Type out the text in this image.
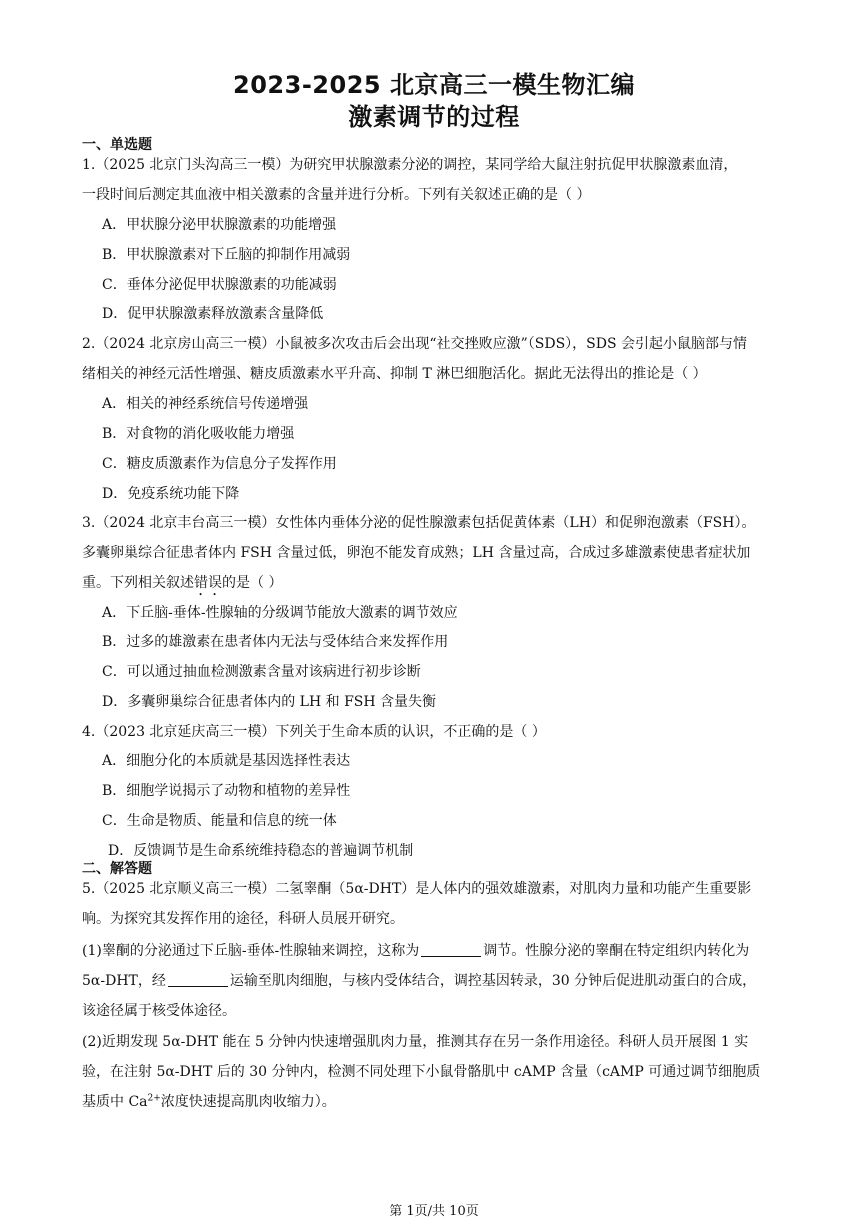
2023-2025 北京高三一模生物汇编
激素调节的过程
一、单选题
1.（2025 北京门头沟高三一模）为研究甲状腺激素分泌的调控，某同学给大鼠注射抗促甲状腺激素血清，
一段时间后测定其血液中相关激素的含量并进行分析。下列有关叙述正确的是（ ）
A．甲状腺分泌甲状腺激素的功能增强
B．甲状腺激素对下丘脑的抑制作用减弱
C．垂体分泌促甲状腺激素的功能减弱
D．促甲状腺激素释放激素含量降低
2.（2024 北京房山高三一模）小鼠被多次攻击后会出现“社交挫败应激”（SDS），SDS 会引起小鼠脑部与情
绪相关的神经元活性增强、糖皮质激素水平升高、抑制 T 淋巴细胞活化。据此无法得出的推论是（ ）
A．相关的神经系统信号传递增强
B．对食物的消化吸收能力增强
C．糖皮质激素作为信息分子发挥作用
D．免疫系统功能下降
3.（2024 北京丰台高三一模）女性体内垂体分泌的促性腺激素包括促黄体素（LH）和促卵泡激素（FSH）。
多囊卵巢综合征患者体内 FSH 含量过低，卵泡不能发育成熟；LH 含量过高，合成过多雄激素使患者症状加
重。下列相关叙述错误的是（ ）
A．下丘脑-垂体-性腺轴的分级调节能放大激素的调节效应
B．过多的雄激素在患者体内无法与受体结合来发挥作用
C．可以通过抽血检测激素含量对该病进行初步诊断
D．多囊卵巢综合征患者体内的 LH 和 FSH 含量失衡
4.（2023 北京延庆高三一模）下列关于生命本质的认识，不正确的是（ ）
A．细胞分化的本质就是基因选择性表达
B．细胞学说揭示了动物和植物的差异性
C．生命是物质、能量和信息的统一体
D．反馈调节是生命系统维持稳态的普遍调节机制
二、解答题
5.（2025 北京顺义高三一模）二氢睾酮（5α-DHT）是人体内的强效雄激素，对肌肉力量和功能产生重要影
响。为探究其发挥作用的途径，科研人员展开研究。
(1)睾酮的分泌通过下丘脑-垂体-性腺轴来调控，这称为	调节。性腺分泌的睾酮在特定组织内转化为
5α-DHT，经	运输至肌肉细胞，与核内受体结合，调控基因转录，30 分钟后促进肌动蛋白的合成，
该途径属于核受体途径。
(2)近期发现 5α-DHT 能在 5 分钟内快速增强肌肉力量，推测其存在另一条作用途径。科研人员开展图 1 实
验，在注射 5α-DHT 后的 30 分钟内，检测不同处理下小鼠骨骼肌中 cAMP 含量（cAMP 可通过调节细胞质
基质中 $Ca^{2+}$浓度快速提高肌肉收缩力）。
第 1页/共 10页
